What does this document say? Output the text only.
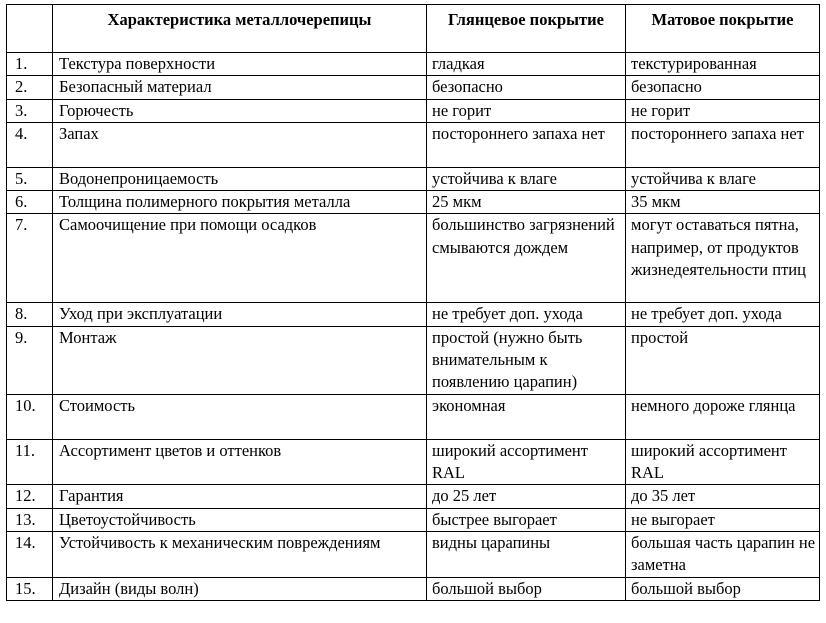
	Характеристика металлочерепицы	Глянцевое покрытие	Матовое покрытие
1.	Текстура поверхности	гладкая	текстурированная
2.	Безопасный материал	безопасно	безопасно
3.	Горючесть	не горит	не горит
4.	Запах	постороннего запаха нет	постороннего запаха нет
5.	Водонепроницаемость	устойчива к влаге	устойчива к влаге
6.	Толщина полимерного покрытия металла	25 мкм	35 мкм
7.	Самоочищение при помощи осадков	большинство загрязнений смываются дождем	могут оставаться пятна, например, от продуктов жизнедеятельности птиц
8.	Уход при эксплуатации	не требует доп. ухода	не требует доп. ухода
9.	Монтаж	простой (нужно быть внимательным к появлению царапин)	простой
10.	Стоимость	экономная	немного дороже глянца
11.	Ассортимент цветов и оттенков	широкий ассортимент RAL	широкий ассортимент RAL
12.	Гарантия	до 25 лет	до 35 лет
13.	Цветоустойчивость	быстрее выгорает	не выгорает
14.	Устойчивость к механическим повреждениям	видны царапины	большая часть царапин не заметна
15.	Дизайн (виды волн)	большой выбор	большой выбор
